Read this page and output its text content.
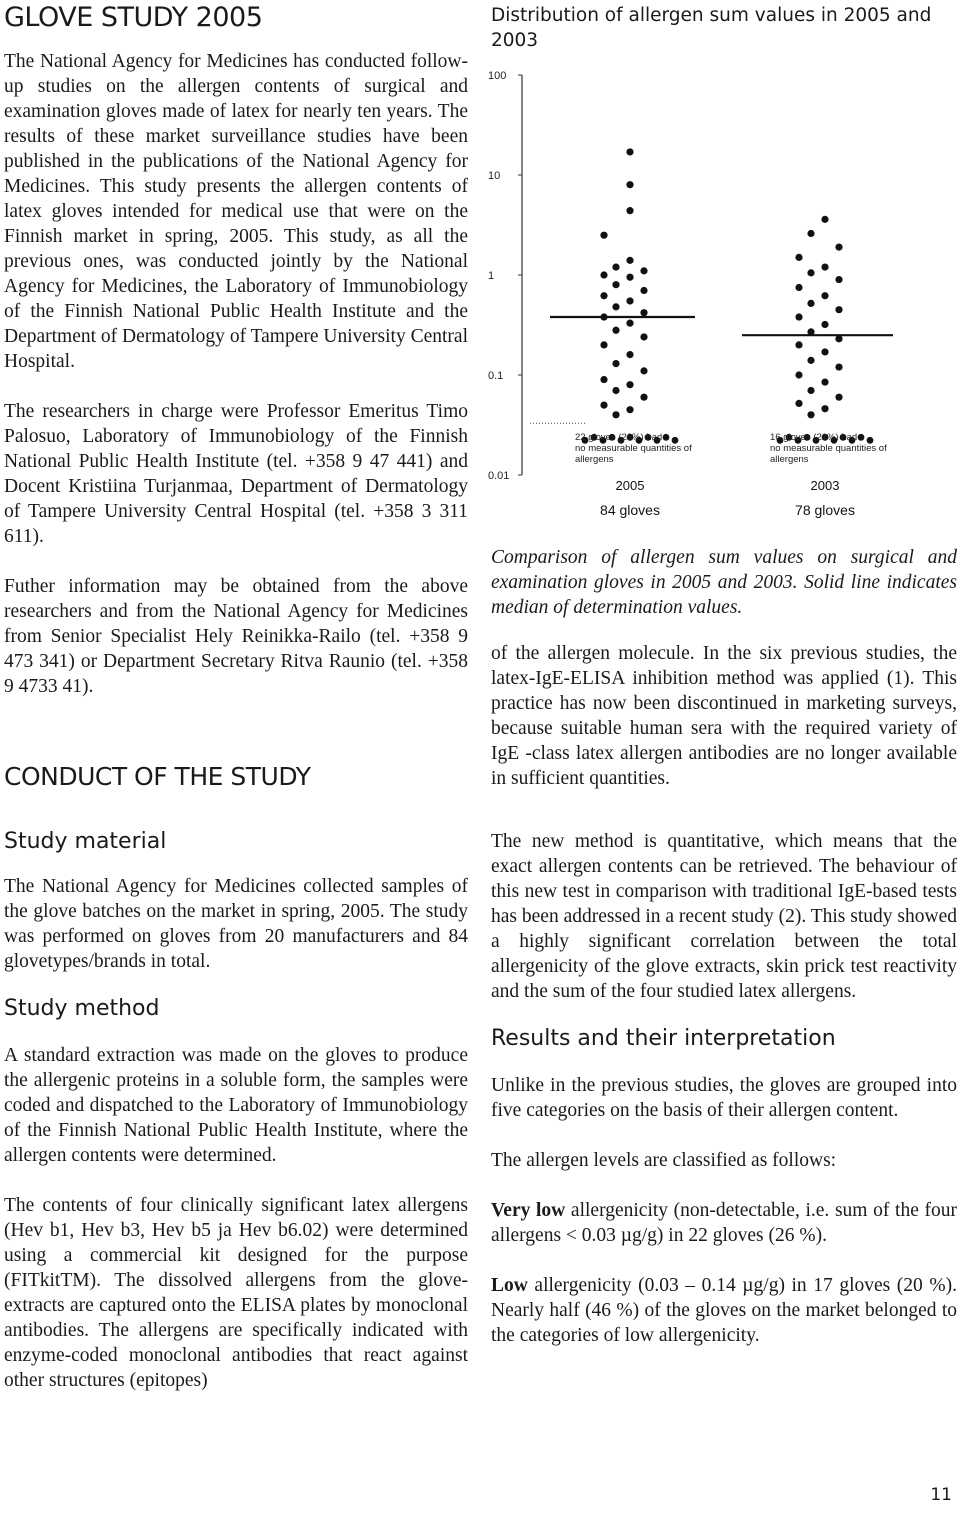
GLOVE STUDY 2005

The National Agency for Medicines has conducted follow-up studies on the allergen contents of surgical and examination gloves made of latex for nearly ten years. The results of these market surveillance studies have been published in the publications of the National Agency for Medicines. This study presents the allergen contents of latex gloves intended for medical use that were on the Finnish market in spring, 2005. This study, as all the previous ones, was conducted jointly by the National Agency for Medicines, the Laboratory of Immunobiology of the Finnish National Public Health Institute and the Department of Dermatology of Tampere University Central Hospital.

The researchers in charge were Professor Emeritus Timo Palosuo, Laboratory of Immunobiology of the Finnish National Public Health Institute (tel. +358 9 47 441) and Docent Kristiina Turjanmaa, Department of Dermatology of Tampere University Central Hospital (tel. +358 3 311 611).

Futher information may be obtained from the above researchers and from the National Agency for Medicines from Senior Specialist Hely Reinikka-Railo (tel. +358 9 473 341) or Department Secretary Ritva Raunio (tel. +358 9 4733 41).

CONDUCT OF THE STUDY
Study material

The National Agency for Medicines collected samples of the glove batches on the market in spring, 2005. The study was performed on gloves from 20 manufacturers and 84 glovetypes/brands in total.

Study method

A standard extraction was made on the gloves to produce the allergenic proteins in a soluble form, the samples were coded and dispatched to the Laboratory of Immunobiology of the Finnish National Public Health Institute, where the allergen contents were determined.

The contents of four clinically significant latex allergens (Hev b1, Hev b3, Hev b5 ja Hev b6.02) were determined using a commercial kit designed for the purpose (FITkitTM). The dissolved allergens from the glove-extracts are captured onto the ELISA plates by monoclonal antibodies. The allergens are specifically indicated with enzyme-coded monoclonal antibodies that react against other structures (epitopes)

Distribution of allergen sum values in 2005 and 2003

Comparison of allergen sum values on surgical and examination gloves in 2005 and 2003. Solid line indicates median of determination values.

of the allergen molecule. In the six previous studies, the latex-IgE-ELISA inhibition method was applied (1). This practice has now been discontinued in marketing surveys, because suitable human sera with the required variety of IgE -class latex allergen antibodies are no longer available in sufficient quantities.

The new method is quantitative, which means that the exact allergen contents can be retrieved. The behaviour of this new test in comparison with traditional IgE-based tests has been addressed in a recent study (2). This study showed a highly significant correlation between the total allergenicity of the glove extracts, skin prick test reactivity and the sum of the four studied latex allergens.

Results and their interpretation

Unlike in the previous studies, the gloves are grouped into five categories on the basis of their allergen content.

The allergen levels are classified as follows:

Very low allergenicity (non-detectable, i.e. sum of the four allergens < 0.03 µg/g) in 22 gloves (26 %).

Low allergenicity (0.03 – 0.14 µg/g) in 17 gloves (20 %). Nearly half (46 %) of the gloves on the market belonged to the categories of low allergenicity.

100
10
1
0.1
0.01
22 gloves (26%) had
no measurable quantities of
allergens
2005
84 gloves
16 gloves (21%) had
no measurable quantities of
allergens
2003
78 gloves
11
